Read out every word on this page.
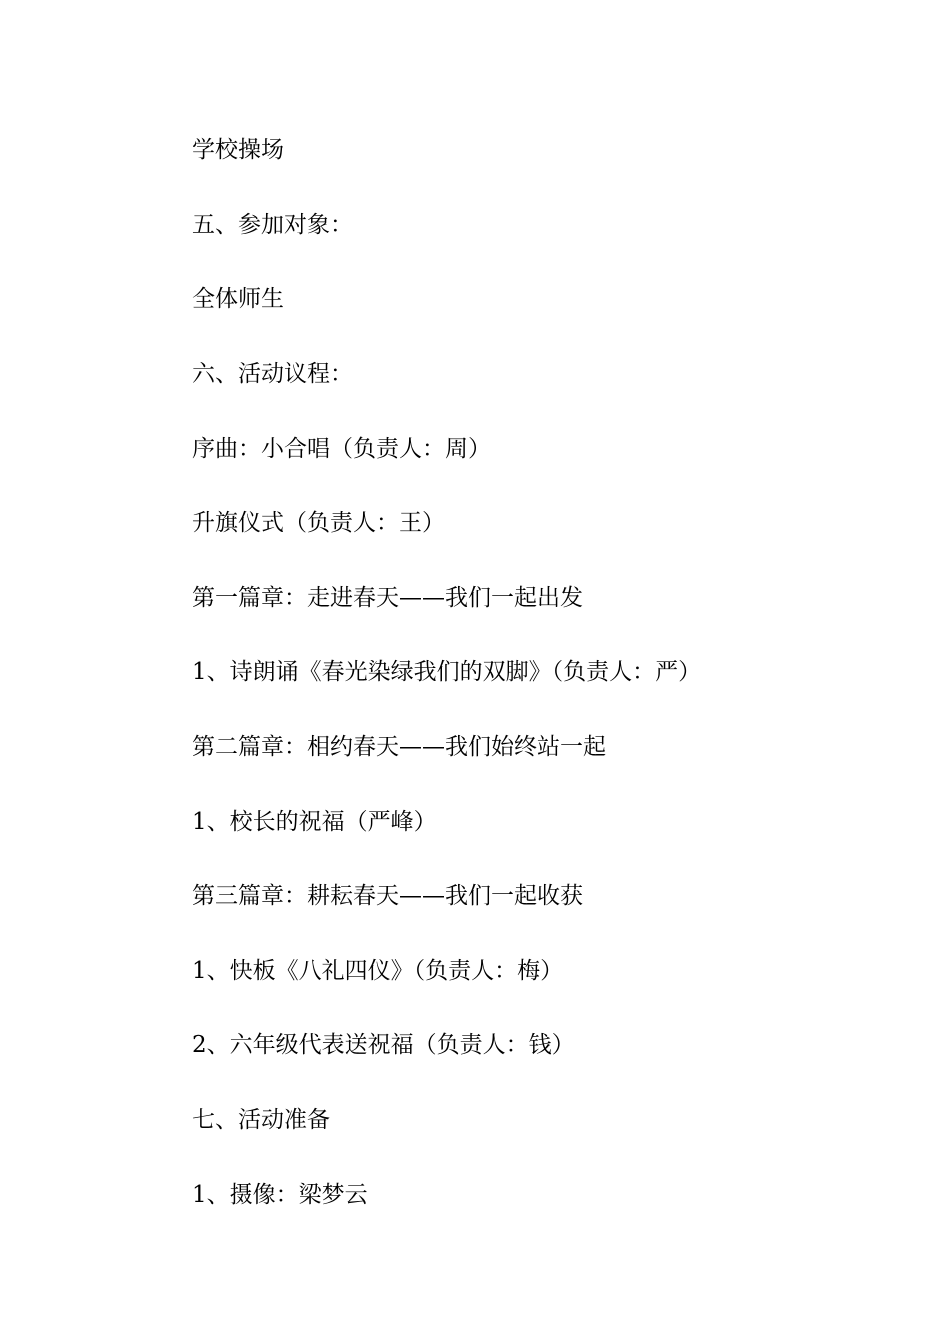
学校操场
五、参加对象：
全体师生
六、活动议程：
序曲：小合唱（负责人：周）
升旗仪式（负责人：王）
第一篇章：走进春天——我们一起出发
1、诗朗诵《春光染绿我们的双脚》（负责人：严）
第二篇章：相约春天——我们始终站一起
1、校长的祝福（严峰）
第三篇章：耕耘春天——我们一起收获
1、快板《八礼四仪》（负责人：梅）
2、六年级代表送祝福（负责人：钱）
七、活动准备
1、摄像：梁梦云
